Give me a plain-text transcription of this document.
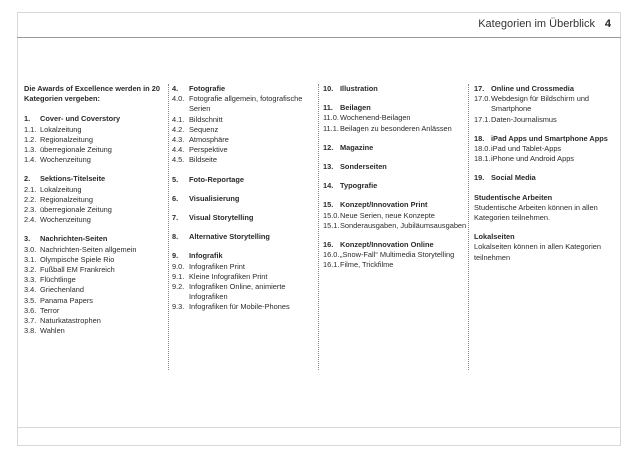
Kategorien im Überblick 4
Die Awards of Excellence werden in 20 Kategorien vergeben:
1.	Cover- und Coverstory
1.1. Lokalzeitung
1.2. Regionalzeitung
1.3. überregionale Zeitung
1.4. Wochenzeitung
2.	Sektions-Titelseite
2.1. Lokalzeitung
2.2. Regionalzeitung
2.3. überregionale Zeitung
2.4. Wochenzeitung
3.	Nachrichten-Seiten
3.0. Nachrichten-Seiten allgemein
3.1. Olympische Spiele Rio
3.2. Fußball EM Frankreich
3.3. Flüchtlinge
3.4. Griechenland
3.5. Panama Papers
3.6. Terror
3.7. Naturkatastrophen
3.8. Wahlen
4.	Fotografie
4.0. Fotografie allgemein, fotografische Serien
4.1. Bildschnitt
4.2. Sequenz
4.3. Atmosphäre
4.4. Perspektive
4.5. Bildseite
5.	Foto-Reportage
6.	Visualisierung
7.	Visual Storytelling
8.	Alternative Storytelling
9.	Infografik
9.0. Infografiken Print
9.1. Kleine Infografiken Print
9.2. Infografiken Online, animierte Infografiken
9.3. Infografiken für Mobile-Phones
10. Illustration
11. Beilagen
11.0. Wochenend-Beilagen
11.1. Beilagen zu besonderen Anlässen
12. Magazine
13. Sonderseiten
14. Typografie
15. Konzept/Innovation Print
15.0. Neue Serien, neue Konzepte
15.1. Sonderausgaben, Jubiläumsausgaben
16. Konzept/Innovation Online
16.0. „Snow-Fall“ Multimedia Storytelling
16.1. Filme, Trickfilme
17. Online und Crossmedia
17.0. Webdesign für Bildschirm und Smartphone
17.1. Daten-Journalismus
18. iPad Apps und Smartphone Apps
18.0. iPad und Tablet-Apps
18.1. iPhone und Android Apps
19. Social Media
Studentische Arbeiten
Studentische Arbeiten können in allen Kategorien teilnehmen.
Lokalseiten
Lokalseiten können in allen Kategorien teilnehmen
